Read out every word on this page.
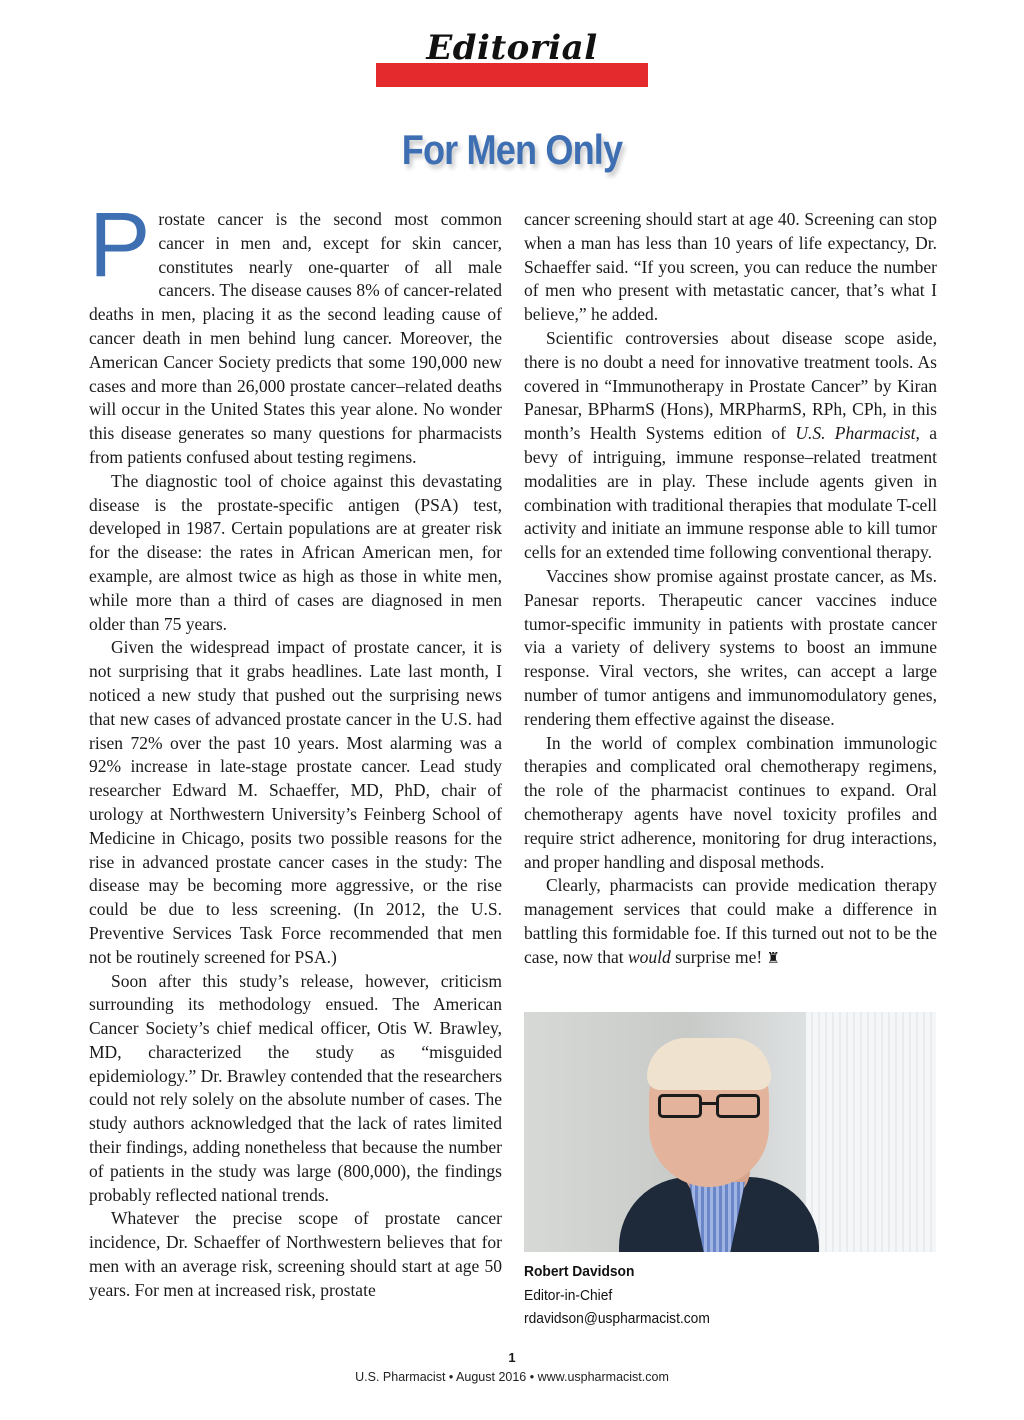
Editorial
For Men Only

Prostate cancer is the second most common cancer in men and, except for skin cancer, constitutes nearly one-quarter of all male cancers. The disease causes 8% of cancer-related deaths in men, placing it as the second leading cause of cancer death in men behind lung cancer. Moreover, the American Cancer Society predicts that some 190,000 new cases and more than 26,000 prostate cancer–related deaths will occur in the United States this year alone. No wonder this disease generates so many questions for pharmacists from patients confused about testing regimens.

The diagnostic tool of choice against this devastating disease is the prostate-specific antigen (PSA) test, developed in 1987. Certain populations are at greater risk for the disease: the rates in African American men, for example, are almost twice as high as those in white men, while more than a third of cases are diagnosed in men older than 75 years.

Given the widespread impact of prostate cancer, it is not surprising that it grabs headlines. Late last month, I noticed a new study that pushed out the surprising news that new cases of advanced prostate cancer in the U.S. had risen 72% over the past 10 years. Most alarming was a 92% increase in late-stage prostate cancer. Lead study researcher Edward M. Schaeffer, MD, PhD, chair of urology at Northwestern University’s Feinberg School of Medicine in Chicago, posits two possible reasons for the rise in advanced prostate cancer cases in the study: The disease may be becoming more aggressive, or the rise could be due to less screening. (In 2012, the U.S. Preventive Services Task Force recommended that men not be routinely screened for PSA.)

Soon after this study’s release, however, criticism surrounding its methodology ensued. The American Cancer Society’s chief medical officer, Otis W. Brawley, MD, characterized the study as “misguided epidemiology.” Dr. Brawley contended that the researchers could not rely solely on the absolute number of cases. The study authors acknowledged that the lack of rates limited their findings, adding nonetheless that because the number of patients in the study was large (800,000), the findings probably reflected national trends.

Whatever the precise scope of prostate cancer incidence, Dr. Schaeffer of Northwestern believes that for men with an average risk, screening should start at age 50 years. For men at increased risk, prostate

cancer screening should start at age 40. Screening can stop when a man has less than 10 years of life expectancy, Dr. Schaeffer said. “If you screen, you can reduce the number of men who present with metastatic cancer, that’s what I believe,” he added.

Scientific controversies about disease scope aside, there is no doubt a need for innovative treatment tools. As covered in “Immunotherapy in Prostate Cancer” by Kiran Panesar, BPharmS (Hons), MRPharmS, RPh, CPh, in this month’s Health Systems edition of U.S. Pharmacist, a bevy of intriguing, immune response–related treatment modalities are in play. These include agents given in combination with traditional therapies that modulate T-cell activity and initiate an immune response able to kill tumor cells for an extended time following conventional therapy.

Vaccines show promise against prostate cancer, as Ms. Panesar reports. Therapeutic cancer vaccines induce tumor-specific immunity in patients with prostate cancer via a variety of delivery systems to boost an immune response. Viral vectors, she writes, can accept a large number of tumor antigens and immunomodulatory genes, rendering them effective against the disease.

In the world of complex combination immunologic therapies and complicated oral chemotherapy regimens, the role of the pharmacist continues to expand. Oral chemotherapy agents have novel toxicity profiles and require strict adherence, monitoring for drug interactions, and proper handling and disposal methods.

Clearly, pharmacists can provide medication therapy management services that could make a difference in battling this formidable foe. If this turned out not to be the case, now that would surprise me! ♜

Robert Davidson
Editor-in-Chief
rdavidson@uspharmacist.com
1
U.S. Pharmacist • August 2016 • www.uspharmacist.com
